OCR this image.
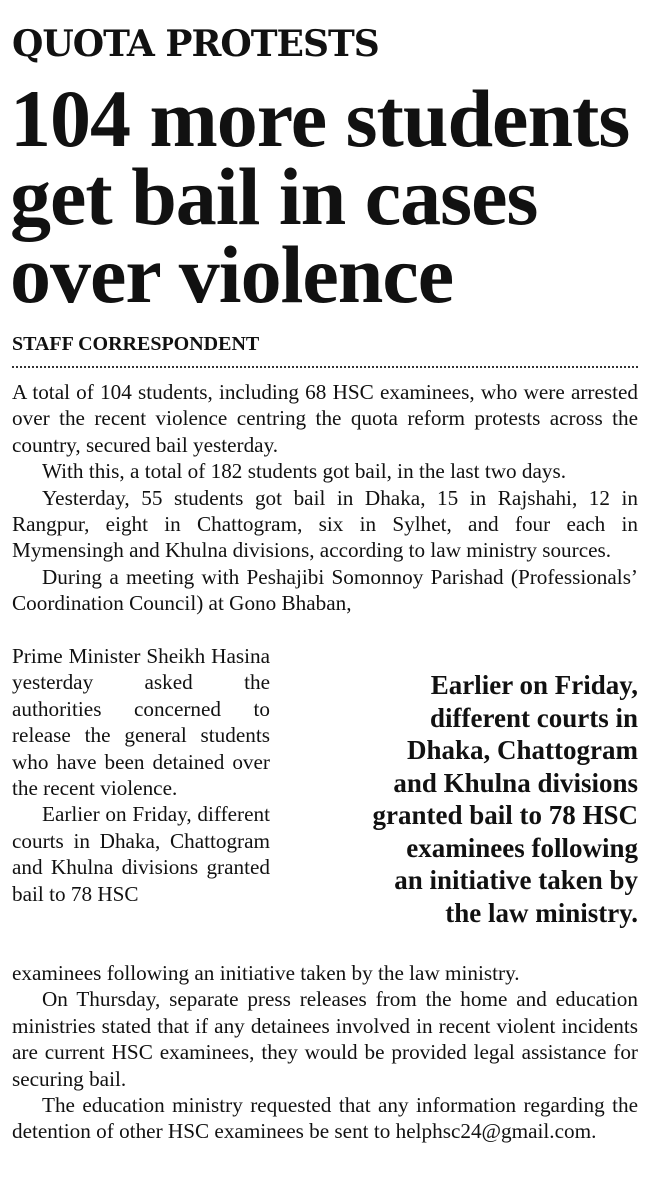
QUOTA PROTESTS
104 more students
get bail in cases
over violence
STAFF CORRESPONDENT

A total of 104 students, including 68 HSC examinees, who were arrested over the recent violence centring the quota reform protests across the country, secured bail yesterday.

With this, a total of 182 students got bail, in the last two days.

Yesterday, 55 students got bail in Dhaka, 15 in Rajshahi, 12 in Rangpur, eight in Chattogram, six in Sylhet, and four each in Mymensingh and Khulna divisions, according to law ministry sources.

During a meeting with Peshajibi Somonnoy Parishad (Professionals’ Coordination Council) at Gono Bhaban,

Prime Minister Sheikh Hasina yesterday asked the authorities concerned to release the general students who have been detained over the recent violence.

Earlier on Friday, different courts in Dhaka, Chattogram and Khulna divisions granted bail to 78 HSC

Earlier on Friday,
different courts in
Dhaka, Chattogram
and Khulna divisions
granted bail to 78 HSC
examinees following
an initiative taken by
the law ministry.

examinees following an initiative taken by the law ministry.

On Thursday, separate press releases from the home and education ministries stated that if any detainees involved in recent violent incidents are current HSC examinees, they would be provided legal assistance for securing bail.

The education ministry requested that any information regarding the detention of other HSC examinees be sent to helphsc24@gmail.com.
